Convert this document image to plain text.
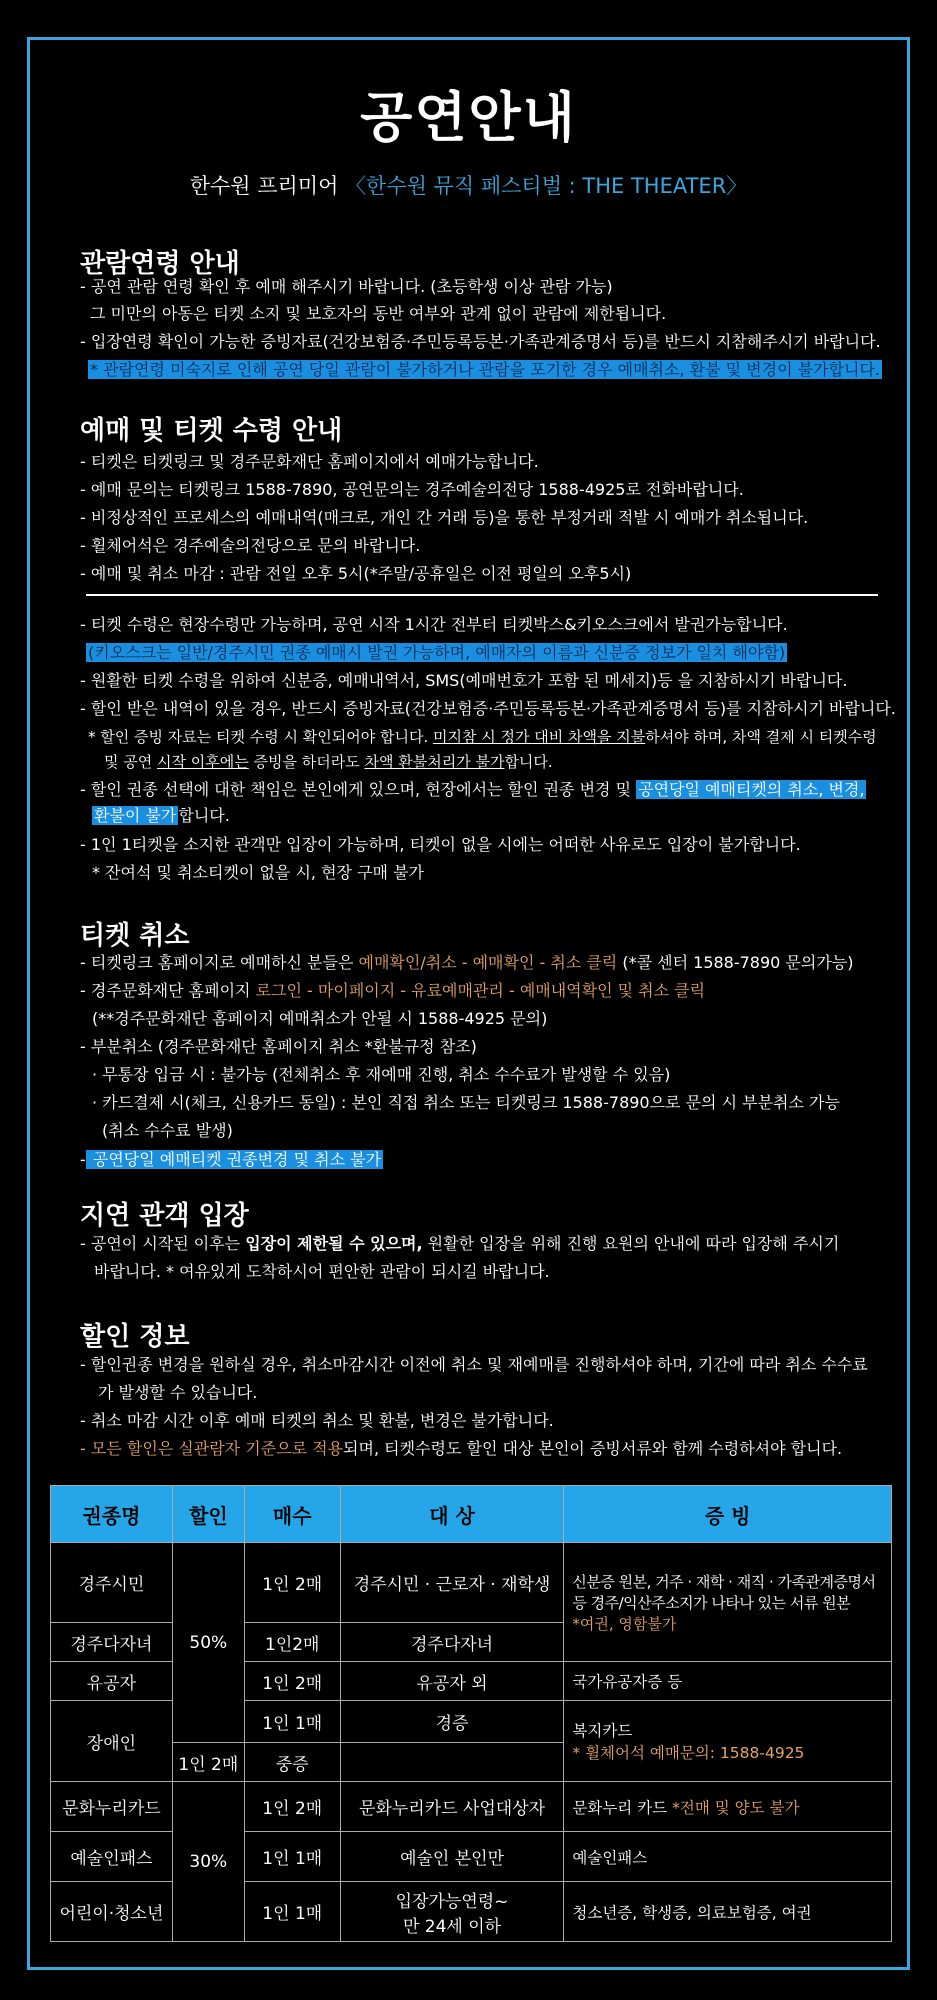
공연안내
한수원 프리미어 〈한수원 뮤직 페스티벌 : THE THEATER〉
관람연령 안내
- 공연 관람 연령 확인 후 예매 해주시기 바랍니다. (초등학생 이상 관람 가능)
그 미만의 아동은 티켓 소지 및 보호자의 동반 여부와 관계 없이 관람에 제한됩니다.
- 입장연령 확인이 가능한 증빙자료(건강보험증·주민등록등본·가족관계증명서 등)를 반드시 지참해주시기 바랍니다.
* 관람연령 미숙지로 인해 공연 당일 관람이 불가하거나 관람을 포기한 경우 예매취소, 환불 및 변경이 불가합니다.
예매 및 티켓 수령 안내
- 티켓은 티켓링크 및 경주문화재단 홈페이지에서 예매가능합니다.
- 예매 문의는 티켓링크 1588-7890, 공연문의는 경주예술의전당 1588-4925로 전화바랍니다.
- 비정상적인 프로세스의 예매내역(매크로, 개인 간 거래 등)을 통한 부정거래 적발 시 예매가 취소됩니다.
- 휠체어석은 경주예술의전당으로 문의 바랍니다.
- 예매 및 취소 마감 : 관람 전일 오후 5시(*주말/공휴일은 이전 평일의 오후5시)
- 티켓 수령은 현장수령만 가능하며, 공연 시작 1시간 전부터 티켓박스&키오스크에서 발권가능합니다.
(키오스크는 일반/경주시민 권종 예매시 발권 가능하며, 예매자의 이름과 신분증 정보가 일치 해야함)
- 원활한 티켓 수령을 위하여 신분증, 예매내역서, SMS(예매번호가 포함 된 메세지)등 을 지참하시기 바랍니다.
- 할인 받은 내역이 있을 경우, 반드시 증빙자료(건강보험증·주민등록등본·가족관계증명서 등)를 지참하시기 바랍니다.
* 할인 증빙 자료는 티켓 수령 시 확인되어야 합니다. 미지참 시 정가 대비 차액을 지불하셔야 하며, 차액 결제 시 티켓수령
및 공연 시작 이후에는 증빙을 하더라도 차액 환불처리가 불가합니다.
- 할인 권종 선택에 대한 책임은 본인에게 있으며, 현장에서는 할인 권종 변경 및 공연당일 예매티켓의 취소, 변경,
환불이 불가 합니다.
- 1인 1티켓을 소지한 관객만 입장이 가능하며, 티켓이 없을 시에는 어떠한 사유로도 입장이 불가합니다.
* 잔여석 및 취소티켓이 없을 시, 현장 구매 불가
티켓 취소
- 티켓링크 홈페이지로 예매하신 분들은 예매확인/취소 - 예매확인 - 취소 클릭 (*콜 센터 1588-7890 문의가능)
- 경주문화재단 홈페이지 로그인 - 마이페이지 - 유료예매관리 - 예매내역확인 및 취소 클릭
(**경주문화재단 홈페이지 예매취소가 안될 시 1588-4925 문의)
- 부분취소 (경주문화재단 홈페이지 취소 *환불규정 참조)
· 무통장 입금 시 : 불가능 (전체취소 후 재예매 진행, 취소 수수료가 발생할 수 있음)
· 카드결제 시(체크, 신용카드 동일) : 본인 직접 취소 또는 티켓링크 1588-7890으로 문의 시 부분취소 가능
(취소 수수료 발생)
- 공연당일 예매티켓 권종변경 및 취소 불가
지연 관객 입장
- 공연이 시작된 이후는 입장이 제한될 수 있으며, 원활한 입장을 위해 진행 요원의 안내에 따라 입장해 주시기
바랍니다. * 여유있게 도착하시어 편안한 관람이 되시길 바랍니다.
할인 정보
- 할인권종 변경을 원하실 경우, 취소마감시간 이전에 취소 및 재예매를 진행하셔야 하며, 기간에 따라 취소 수수료
가 발생할 수 있습니다.
- 취소 마감 시간 이후 예매 티켓의 취소 및 환불, 변경은 불가합니다.
- 모든 할인은 실관람자 기준으로 적용되며, 티켓수령도 할인 대상 본인이 증빙서류와 함께 수령하셔야 합니다.
권종명	할인	매수	대 상	증 빙
경주시민	50%	1인 2매	경주시민 · 근로자 · 재학생	신분증 원본, 거주 · 재학 · 재직 · 가족관계증명서
등 경주/익산주소지가 나타나 있는 서류 원본
*여권, 영함불가

경주다자녀		1인2매	경주다자녀	
유공자		1인 2매	유공자 외	국가유공자증 등
장애인		1인 1매	경증	복지카드
* 휠체어석 예매문의: 1588-4925

	1인 2매	중증		
문화누리카드	30%	1인 2매	문화누리카드 사업대상자	문화누리 카드 *전매 및 양도 불가
예술인패스		1인 1매	예술인 본인만	예술인패스
어린이·청소년		1인 1매	입장가능연령~
만 24세 이하	청소년증, 학생증, 의료보험증, 여권
